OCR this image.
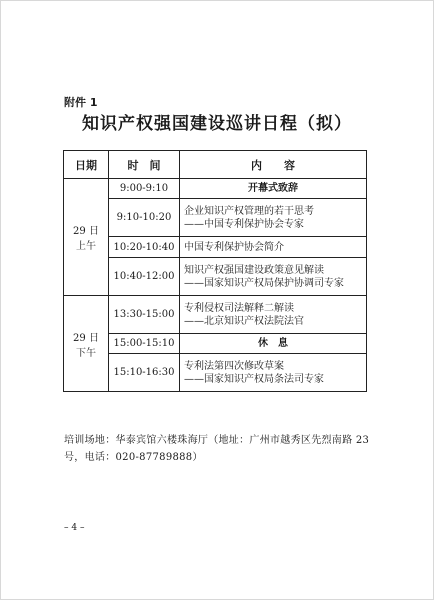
附件 1
知识产权强国建设巡讲日程（拟）
日期	时　间	内　　容
29 日 上午	9:00-9:10	开幕式致辞

	9:10-10:20	企业知识产权管理的若干思考
——中国专利保护协会专家

	10:20-10:40	中国专利保护协会简介

	10:40-12:00	知识产权强国建设政策意见解读
——国家知识产权局保护协调司专家

29 日 下午	13:30-15:00	专利侵权司法解释二解读
——北京知识产权法院法官

	15:00-15:10	休　息

	15:10-16:30	专利法第四次修改草案
——国家知识产权局条法司专家
培训场地：华泰宾馆六楼珠海厅（地址：广州市越秀区先烈南路 23 号，电话：020-87789888）
– 4 –
